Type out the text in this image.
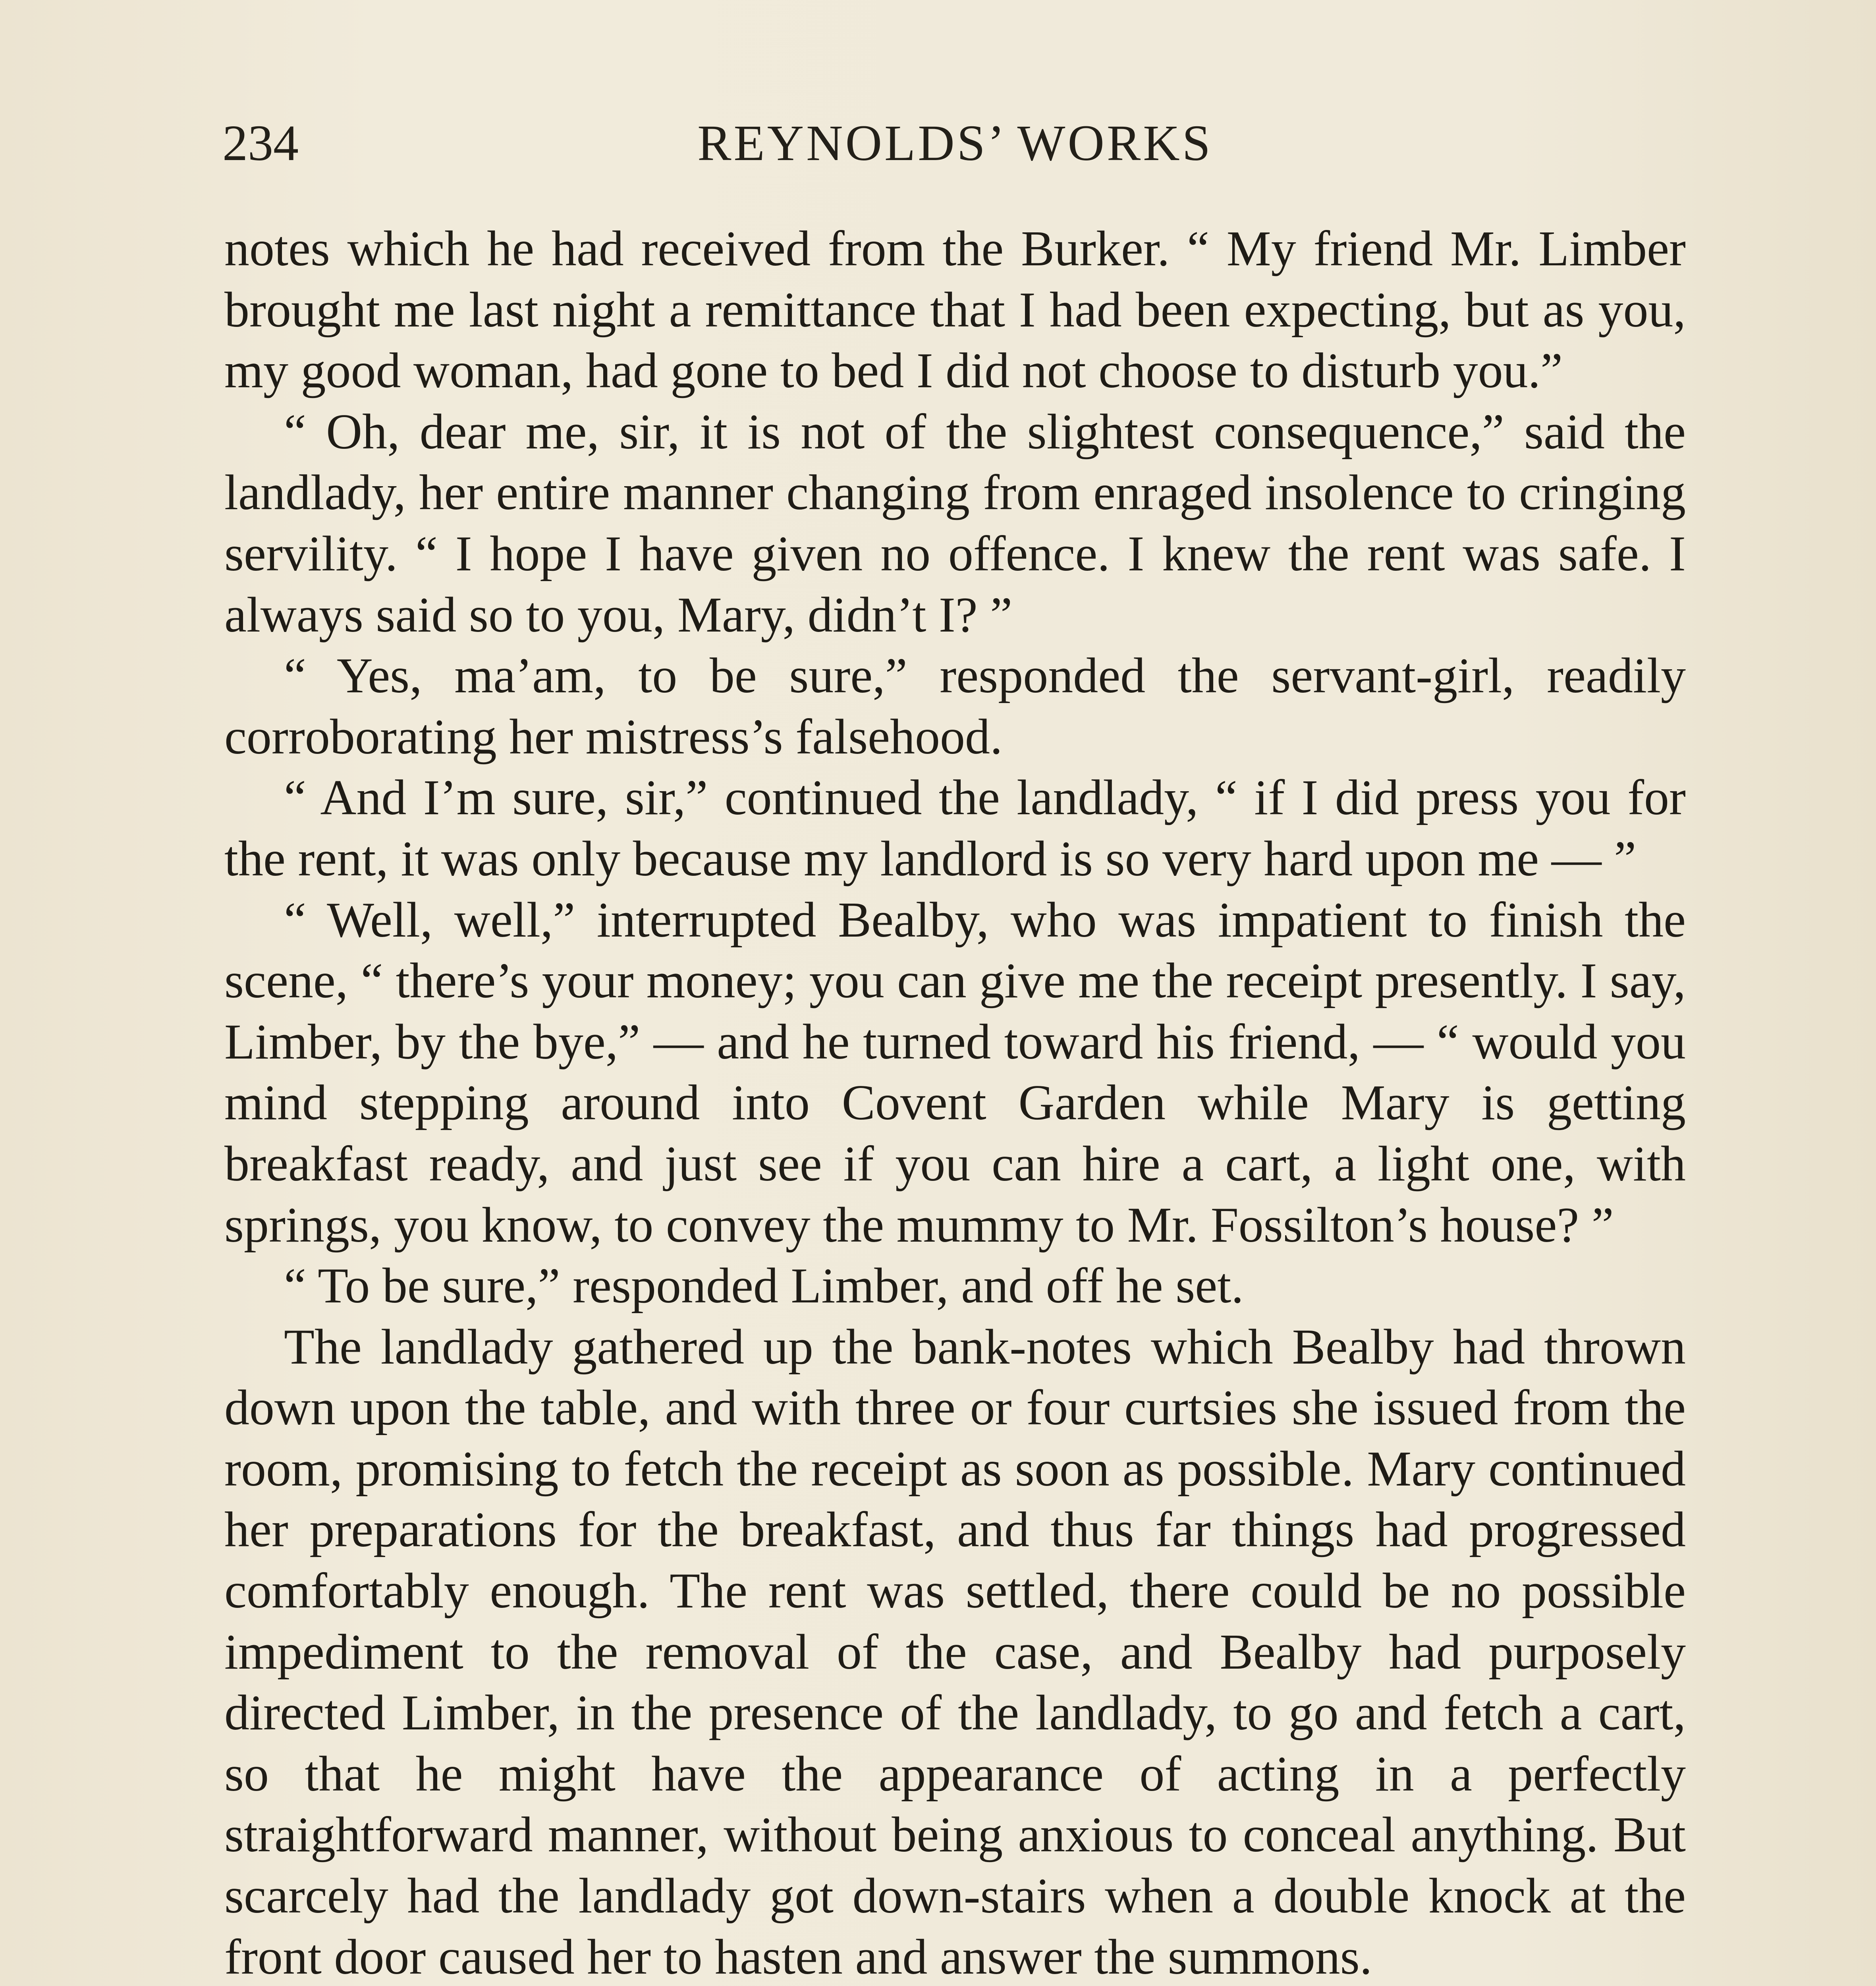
234	REYNOLDS’ WORKS

notes which he had received from the Burker. “ My friend Mr. Limber brought me last night a remittance that I had been expecting, but as you, my good woman, had gone to bed I did not choose to disturb you.”

“ Oh, dear me, sir, it is not of the slightest consequence,” said the landlady, her entire manner changing from enraged insolence to cringing servility. “ I hope I have given no offence. I knew the rent was safe. I always said so to you, Mary, didn’t I? ”

“ Yes, ma’am, to be sure,” responded the servant-girl, readily corroborating her mistress’s falsehood.

“ And I’m sure, sir,” continued the landlady, “ if I did press you for the rent, it was only because my landlord is so very hard upon me — ”

“ Well, well,” interrupted Bealby, who was impatient to finish the scene, “ there’s your money; you can give me the receipt presently. I say, Limber, by the bye,” — and he turned toward his friend, — “ would you mind stepping around into Covent Garden while Mary is getting breakfast ready, and just see if you can hire a cart, a light one, with springs, you know, to convey the mummy to Mr. Fossilton’s house? ”

“ To be sure,” responded Limber, and off he set.

The landlady gathered up the bank-notes which Bealby had thrown down upon the table, and with three or four curtsies she issued from the room, promising to fetch the receipt as soon as possible. Mary continued her preparations for the breakfast, and thus far things had progressed comfortably enough. The rent was settled, there could be no possible impediment to the removal of the case, and Bealby had purposely directed Limber, in the presence of the landlady, to go and fetch a cart, so that he might have the appearance of acting in a perfectly straightforward manner, without being anxious to conceal anything. But scarcely had the landlady got down-stairs when a double knock at the front door caused her to hasten and answer the summons.
